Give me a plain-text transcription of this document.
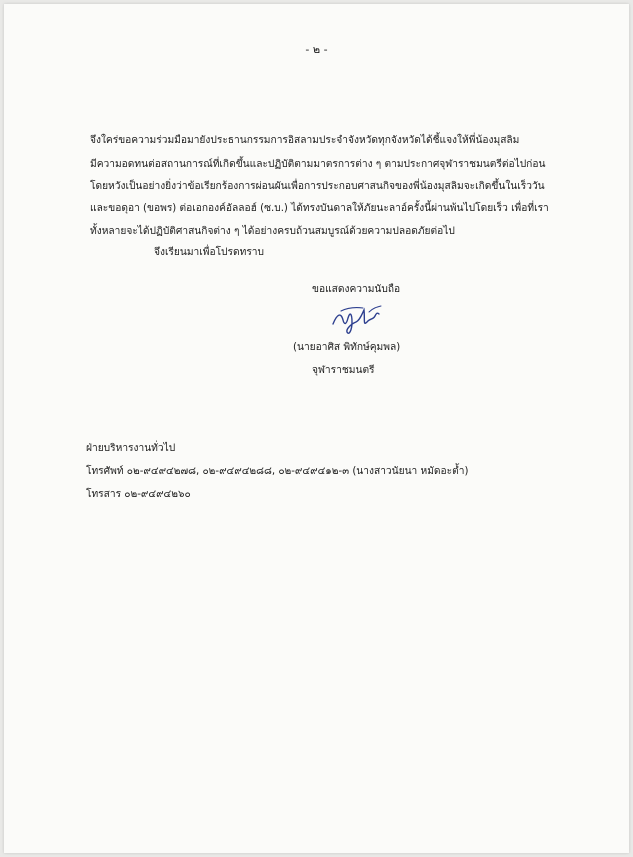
- ๒ -
จึงใคร่ขอความร่วมมือมายังประธานกรรมการอิสลามประจำจังหวัดทุกจังหวัดได้ชี้แจงให้พี่น้องมุสลิม
มีความอดทนต่อสถานการณ์ที่เกิดขึ้นและปฏิบัติตามมาตรการต่าง ๆ ตามประกาศจุฬาราชมนตรีต่อไปก่อน
โดยหวังเป็นอย่างยิ่งว่าข้อเรียกร้องการผ่อนผันเพื่อการประกอบศาสนกิจของพี่น้องมุสลิมจะเกิดขึ้นในเร็ววัน
และขอดุอา (ขอพร) ต่อเอกองค์อัลลอฮ์ (ซ.บ.) ได้ทรงบันดาลให้ภัยนะลาอ์ครั้งนี้ผ่านพ้นไปโดยเร็ว เพื่อที่เรา
ทั้งหลายจะได้ปฏิบัติศาสนกิจต่าง ๆ ได้อย่างครบถ้วนสมบูรณ์ด้วยความปลอดภัยต่อไป
จึงเรียนมาเพื่อโปรดทราบ
ขอแสดงความนับถือ
(นายอาศิส พิทักษ์คุมพล)
จุฬาราชมนตรี
ฝ่ายบริหารงานทั่วไป
โทรศัพท์ ๐๒-๙๔๙๔๒๗๘, ๐๒-๙๔๙๔๒๘๘, ๐๒-๙๔๙๔๑๒-๓ (นางสาวนัยนา หมัดอะต้ำ)
โทรสาร ๐๒-๙๔๙๔๒๖๐
